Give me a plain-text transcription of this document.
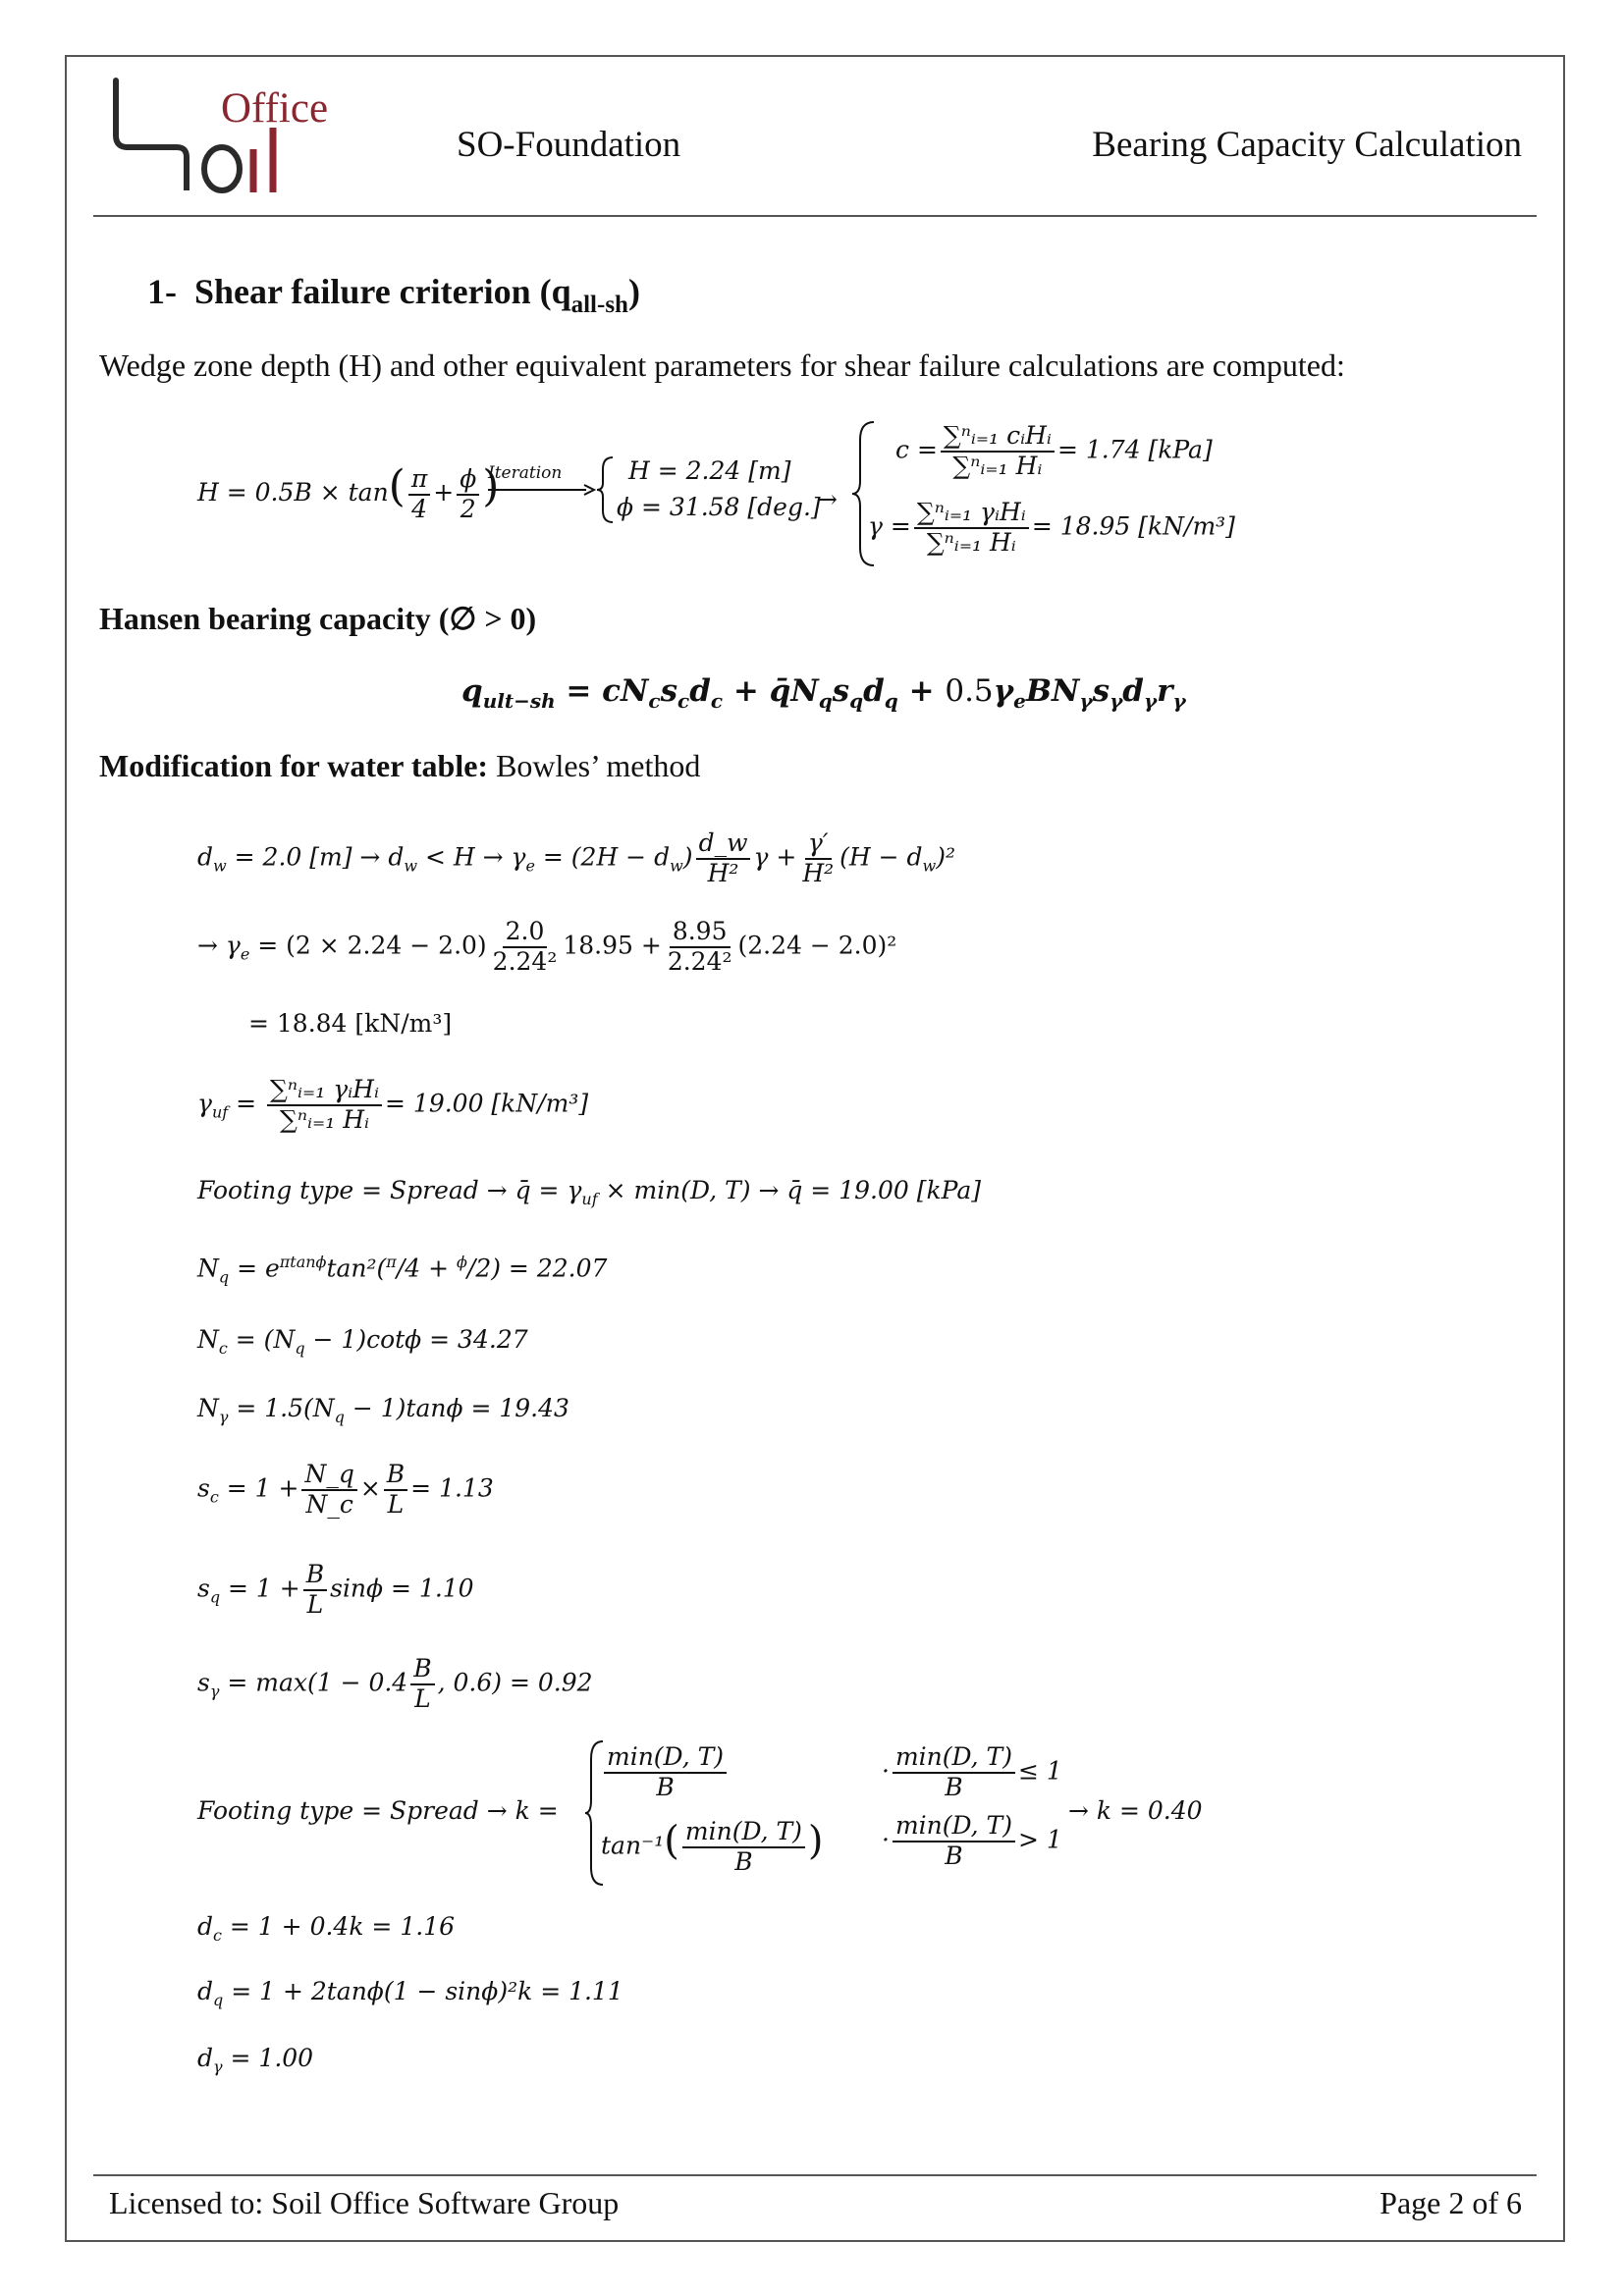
Office
SO-Foundation	Bearing Capacity Calculation
1- Shear failure criterion $(q_{all-sh})$
Wedge zone depth (H) and other equivalent parameters for shear failure calculations are computed:
$H = 0.5B \times \tan( \frac{\pi}{4} + \frac{\phi}{2}$ )
Iteration	H = 2.24 [m]
ϕ = 31.58 [deg.]
→
$c = \frac{\text{∑ⁿᵢ₌₁ cᵢHᵢ}}{\text{∑ⁿᵢ₌₁ Hᵢ}} = 1.74$ [kPa]
$\gamma = \frac{\text{∑ⁿᵢ₌₁ γᵢHᵢ}}{\text{∑ⁿᵢ₌₁ Hᵢ}} = 18.95$ [kN/m³]
Hansen bearing capacity (∅ > 0)
$q_{ult-sh} = cN_cs_cd_c$ + $q̄N_qs_qd_q + 0.5\gamma_eBN_\gamma s_\gamma d_\gamma r_\gamma$
Modification for water table: Bowles’ method
$d_w = 2.0$ $[m] \to d_w < H \to \gamma_e = (2H - d_w) \frac{d\_w}{\text{H²}}$ $\gamma + \frac{\gamma'}{\text{H²}} (H - d_w)^2$
→ $\gamma_e = (2 \times 2.24 - 2.0) \frac{2.0}{\text{2.24²}} 18.95 + \frac{8.95}{\text{2.24²}} (2.24 - 2.0)^2$
= 18.84 [kN/m³]
$\gamma_{uf} = \frac{\text{∑ⁿᵢ₌₁ γᵢHᵢ}}{\text{∑ⁿᵢ₌₁ Hᵢ}} = 19.00$ [kN/m³]
Footing type = Spread → q̄ = $\gamma_{uf} \times \min(D$, T) → q̄ = 19.00 [kPa]
$N_q = e^{\pi tan\phi}\tan^2(^\pi/4 + ^\phi/2) = 22.07$
$N_c = (N_q - 1)\cot\phi = 34.27$
$N_\gamma = 1.5(N_q - 1)\tan\phi = 19.43$
$s_c = 1 + \frac{N\_q}{N\_c} \times \frac{B}{L} = 1.13$
$s_q = 1 + \frac{B}{L}$ sinϕ = 1.10
$s_\gamma = \max(1 - 0.4 \frac{B}{L}$ , 0.6) = 0.92
Footing type = Spread → k =
$\frac{\min(D, T)}{B}$
$\tan^{-1}( \frac{\min(D, T)}{B}$ )
· $\frac{\min(D, T)}{B} \le 1$
· $\frac{\min(D, T)}{B} > 1$
→ k = 0.40
$d_c = 1 + 0.4k = 1.16$
$d_q = 1 + 2\tan\phi(1 - \sin\phi)^2k = 1.11$
$d_\gamma = 1.00$
Licensed to: Soil Office Software Group	Page 2 of 6
